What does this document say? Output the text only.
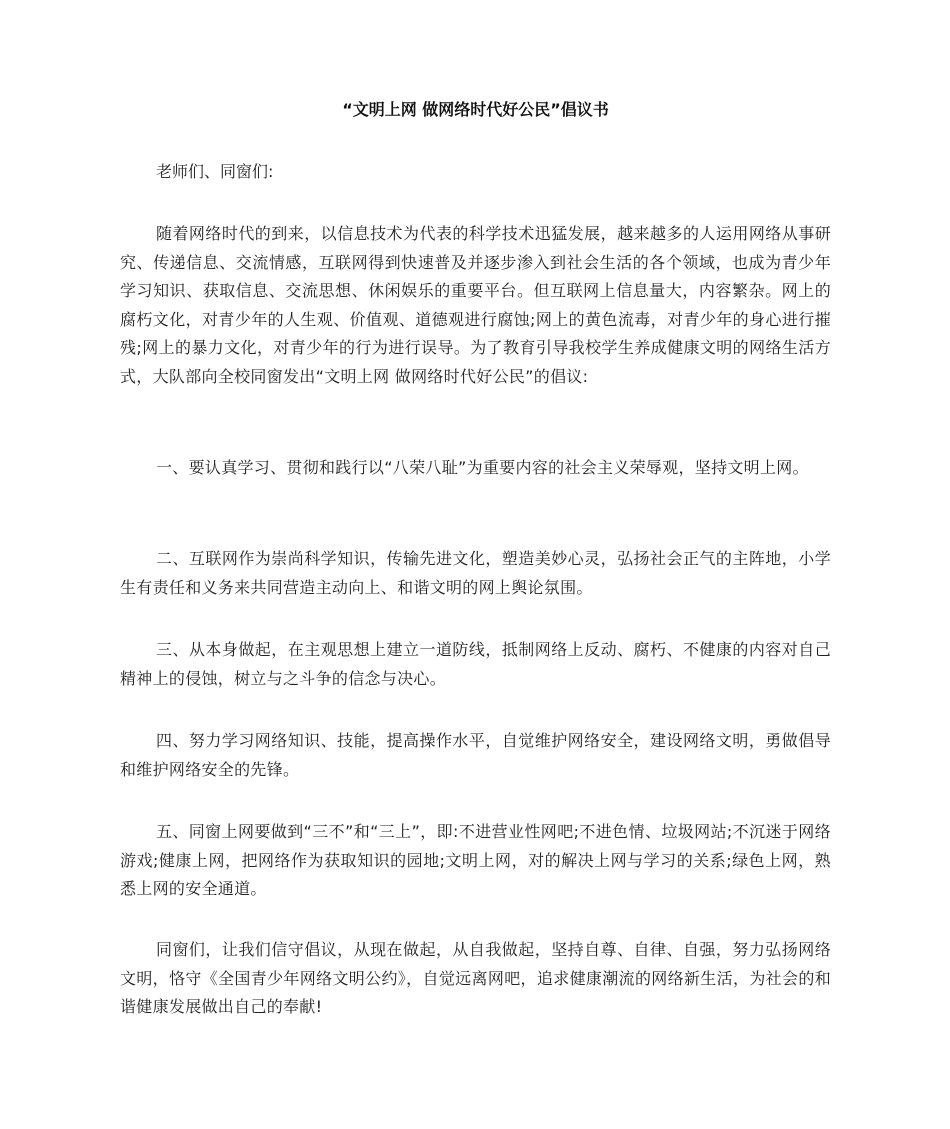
“文明上网 做网络时代好公民”倡议书
老师们、同窗们:
随着网络时代的到来，以信息技术为代表的科学技术迅猛发展，越来越多的人运用网络从事研究、传递信息、交流情感，互联网得到快速普及并逐步渗入到社会生活的各个领域，也成为青少年学习知识、获取信息、交流思想、休闲娱乐的重要平台。但互联网上信息量大，内容繁杂。网上的腐朽文化，对青少年的人生观、价值观、道德观进行腐蚀;网上的黄色流毒，对青少年的身心进行摧残;网上的暴力文化，对青少年的行为进行误导。为了教育引导我校学生养成健康文明的网络生活方式，大队部向全校同窗发出“文明上网 做网络时代好公民”的倡议:
一、要认真学习、贯彻和践行以“八荣八耻”为重要内容的社会主义荣辱观，坚持文明上网。
二、互联网作为崇尚科学知识，传输先进文化，塑造美妙心灵，弘扬社会正气的主阵地，小学生有责任和义务来共同营造主动向上、和谐文明的网上舆论氛围。
三、从本身做起，在主观思想上建立一道防线，抵制网络上反动、腐朽、不健康的内容对自己精神上的侵蚀，树立与之斗争的信念与决心。
四、努力学习网络知识、技能，提高操作水平，自觉维护网络安全，建设网络文明，勇做倡导和维护网络安全的先锋。
五、同窗上网要做到“三不”和“三上”，即:不进营业性网吧;不进色情、垃圾网站;不沉迷于网络游戏;健康上网，把网络作为获取知识的园地;文明上网，对的解决上网与学习的关系;绿色上网，熟悉上网的安全通道。
同窗们，让我们信守倡议，从现在做起，从自我做起，坚持自尊、自律、自强，努力弘扬网络文明，恪守《全国青少年网络文明公约》，自觉远离网吧，追求健康潮流的网络新生活，为社会的和谐健康发展做出自己的奉献!
